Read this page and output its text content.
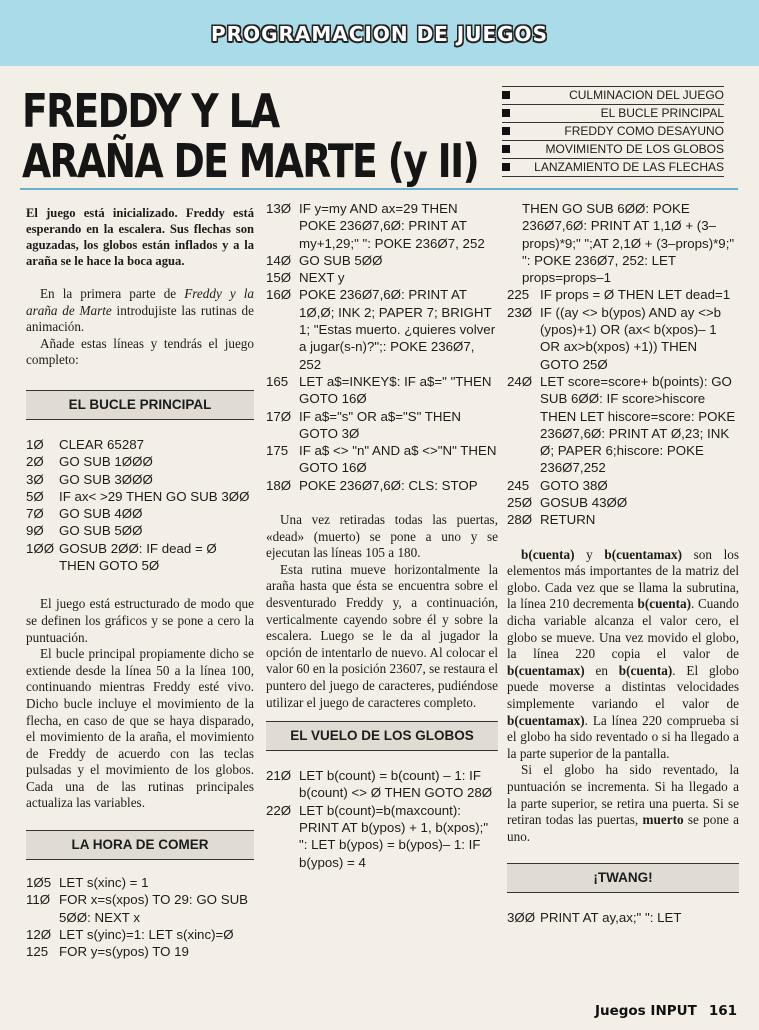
PROGRAMACION DE JUEGOS
FREDDY Y LA
ARAÑA DE MARTE (y II)
CULMINACION DEL JUEGO
EL BUCLE PRINCIPAL
FREDDY COMO DESAYUNO
MOVIMIENTO DE LOS GLOBOS
LANZAMIENTO DE LAS FLECHAS

El juego está inicializado. Freddy está esperando en la escalera. Sus flechas son aguzadas, los globos están inflados y a la araña se le hace la boca agua.

En la primera parte de Freddy y la araña de Marte introdujiste las rutinas de animación.

Añade estas líneas y tendrás el juego completo:

EL BUCLE PRINCIPAL
1Ø	CLEAR 65287
2Ø	GO SUB 1ØØØ
3Ø	GO SUB 3ØØØ
5Ø	IF ax< >29 THEN GO SUB 3ØØ
7Ø	GO SUB 4ØØ
9Ø	GO SUB 5ØØ
1ØØ GOSUB 2ØØ: IF dead = Ø THEN GOTO 5Ø

El juego está estructurado de modo que se definen los gráficos y se pone a cero la puntuación.

El bucle principal propiamente dicho se extiende desde la línea 50 a la línea 100, continuando mientras Freddy esté vivo. Dicho bucle incluye el movimiento de la flecha, en caso de que se haya disparado, el movimiento de la araña, el movimiento de Freddy de acuerdo con las teclas pulsadas y el movimiento de los globos. Cada una de las rutinas principales actualiza las variables.

LA HORA DE COMER
1Ø5 LET s(xinc) = 1
11Ø FOR x=s(xpos) TO 29: GO SUB 5ØØ: NEXT x
12Ø LET s(yinc)=1: LET s(xinc)=Ø
125 FOR y=s(ypos) TO 19
13Ø IF y=my AND ax=29 THEN POKE 236Ø7,6Ø: PRINT AT my+1,29;" ": POKE 236Ø7, 252
14Ø GO SUB 5ØØ
15Ø NEXT y
16Ø POKE 236Ø7,6Ø: PRINT AT 1Ø,Ø; INK 2; PAPER 7; BRIGHT 1; "Estas muerto. ¿quieres volver a jugar(s-n)?";: POKE 236Ø7, 252
165 LET a$=INKEY$: IF a$=" "THEN GOTO 16Ø
17Ø IF a$="s" OR a$="S" THEN GOTO 3Ø
175 IF a$ <> "n" AND a$ <>"N" THEN GOTO 16Ø
18Ø POKE 236Ø7,6Ø: CLS: STOP

Una vez retiradas todas las puertas, «dead» (muerto) se pone a uno y se ejecutan las líneas 105 a 180.

Esta rutina mueve horizontalmente la araña hasta que ésta se encuentra sobre el desventurado Freddy y, a continuación, verticalmente cayendo sobre él y sobre la escalera. Luego se le da al jugador la opción de intentarlo de nuevo. Al colocar el valor 60 en la posición 23607, se restaura el puntero del juego de caracteres, pudiéndose utilizar el juego de caracteres completo.

EL VUELO DE LOS GLOBOS
21Ø LET b(count) = b(count) – 1: IF b(count) <> Ø THEN GOTO 28Ø
22Ø LET b(count)=b(maxcount): PRINT AT b(ypos) + 1, b(xpos);" ": LET b(ypos) = b(ypos)– 1: IF b(ypos) = 4
THEN GO SUB 6ØØ: POKE 236Ø7,6Ø: PRINT AT 1,1Ø + (3–props)*9;" ";AT 2,1Ø + (3–props)*9;" ": POKE 236Ø7, 252: LET props=props–1
225 IF props = Ø THEN LET dead=1
23Ø IF ((ay <> b(ypos) AND ay <>b (ypos)+1) OR (ax< b(xpos)– 1 OR ax>b(xpos) +1)) THEN GOTO 25Ø
24Ø LET score=score+ b(points): GO SUB 6ØØ: IF score>hiscore THEN LET hiscore=score: POKE 236Ø7,6Ø: PRINT AT Ø,23; INK Ø; PAPER 6;hiscore: POKE 236Ø7,252
245 GOTO 38Ø
25Ø GOSUB 43ØØ
28Ø RETURN

b(cuenta) y b(cuentamax) son los elementos más importantes de la matriz del globo. Cada vez que se llama la subrutina, la línea 210 decrementa b(cuenta). Cuando dicha variable alcanza el valor cero, el globo se mueve. Una vez movido el globo, la línea 220 copia el valor de b(cuentamax) en b(cuenta). El globo puede moverse a distintas velocidades simplemente variando el valor de b(cuentamax). La línea 220 comprueba si el globo ha sido reventado o si ha llegado a la parte superior de la pantalla.

Si el globo ha sido reventado, la puntuación se incrementa. Si ha llegado a la parte superior, se retira una puerta. Si se retiran todas las puertas, muerto se pone a uno.

¡TWANG!
3ØØ PRINT AT ay,ax;" ": LET
Juegos INPUT 161
